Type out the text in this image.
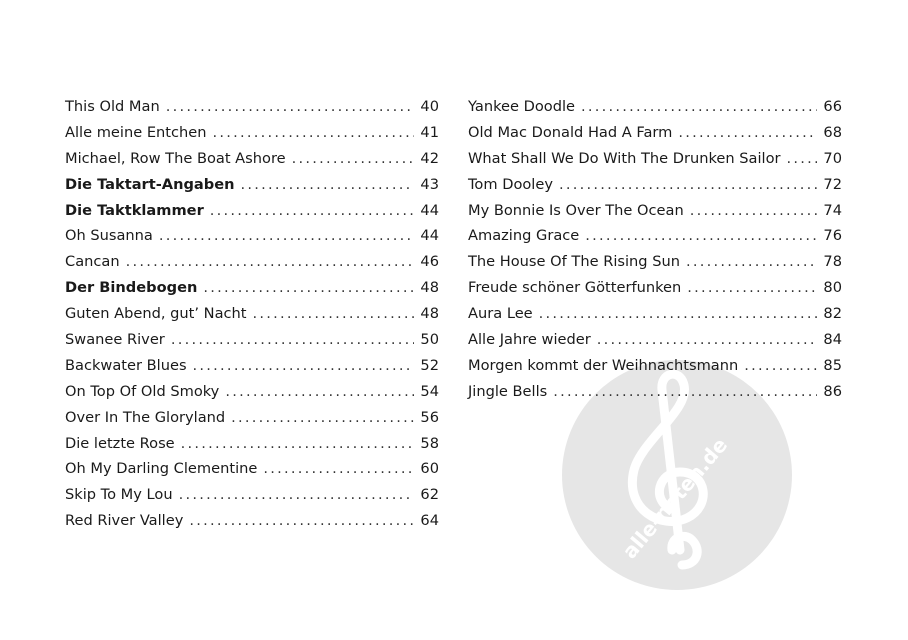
alle-noten.de
This Old Man . . .	40
Alle meine Entchen . . .	41
Michael, Row The Boat Ashore . . .	42
Die Taktart-Angaben . . .	43
Die Taktklammer . . .	44
Oh Susanna . . .	44
Cancan . . .	46
Der Bindebogen . . .	48
Guten Abend, gut’ Nacht . . .	48
Swanee River . . .	50
Backwater Blues . . .	52
On Top Of Old Smoky . . .	54
Over In The Gloryland . . .	56
Die letzte Rose . . .	58
Oh My Darling Clementine . . .	60
Skip To My Lou . . .	62
Red River Valley . . .	64
Yankee Doodle . . .	66
Old Mac Donald Had A Farm . . .	68
What Shall We Do With The Drunken Sailor . . .	70
Tom Dooley . . .	72
My Bonnie Is Over The Ocean . . .	74
Amazing Grace . . .	76
The House Of The Rising Sun . . .	78
Freude schöner Götterfunken . . .	80
Aura Lee . . .	82
Alle Jahre wieder . . .	84
Morgen kommt der Weihnachtsmann . . .	85
Jingle Bells . . .	86
